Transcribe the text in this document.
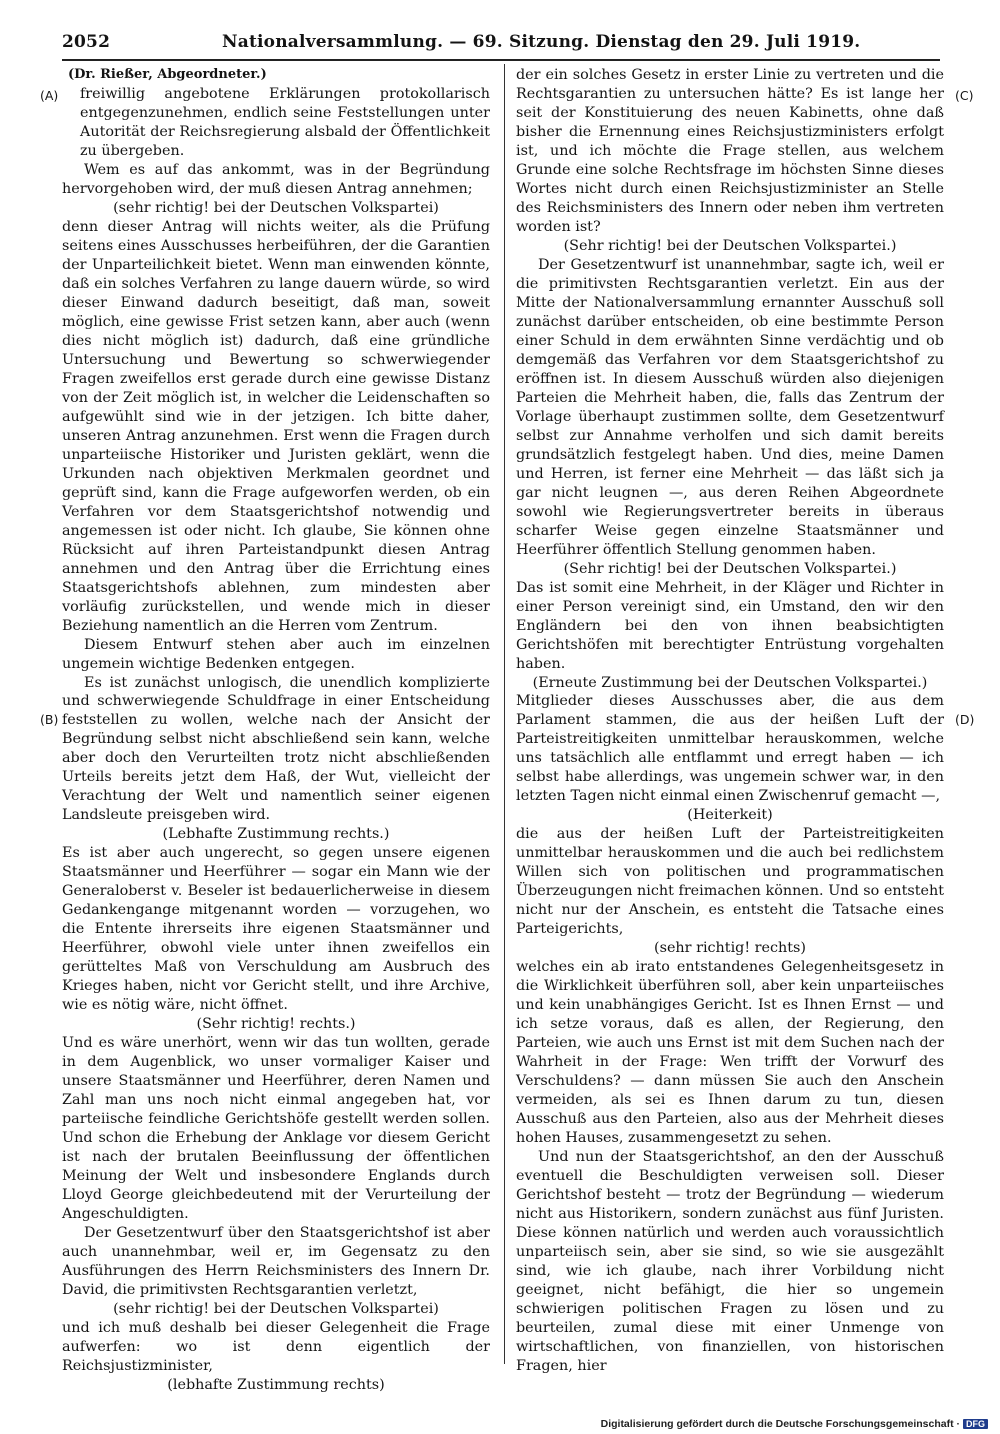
2052	Nationalversammlung. — 69. Sitzung. Dienstag den 29. Juli 1919.
(A)
(B)
(C)
(D)

(Dr. Rießer, Abgeordneter.)

freiwillig angebotene Erklärungen protokollarisch entgegenzunehmen, endlich seine Feststellungen unter Autorität der Reichsregierung alsbald der Öffentlichkeit zu übergeben.

Wem es auf das ankommt, was in der Begründung hervorgehoben wird, der muß diesen Antrag annehmen;

(sehr richtig! bei der Deutschen Volkspartei)

denn dieser Antrag will nichts weiter, als die Prüfung seitens eines Ausschusses herbeiführen, der die Garantien der Unparteilichkeit bietet. Wenn man einwenden könnte, daß ein solches Verfahren zu lange dauern würde, so wird dieser Einwand dadurch beseitigt, daß man, soweit möglich, eine gewisse Frist setzen kann, aber auch (wenn dies nicht möglich ist) dadurch, daß eine gründliche Untersuchung und Bewertung so schwerwiegender Fragen zweifellos erst gerade durch eine gewisse Distanz von der Zeit möglich ist, in welcher die Leidenschaften so aufgewühlt sind wie in der jetzigen. Ich bitte daher, unseren Antrag anzunehmen. Erst wenn die Fragen durch unparteiische Historiker und Juristen geklärt, wenn die Urkunden nach objektiven Merkmalen geordnet und geprüft sind, kann die Frage aufgeworfen werden, ob ein Verfahren vor dem Staatsgerichtshof notwendig und angemessen ist oder nicht. Ich glaube, Sie können ohne Rücksicht auf ihren Parteistandpunkt diesen Antrag annehmen und den Antrag über die Errichtung eines Staatsgerichtshofs ablehnen, zum mindesten aber vorläufig zurückstellen, und wende mich in dieser Beziehung namentlich an die Herren vom Zentrum.

Diesem Entwurf stehen aber auch im einzelnen ungemein wichtige Bedenken entgegen.

Es ist zunächst unlogisch, die unendlich komplizierte und schwerwiegende Schuldfrage in einer Entscheidung feststellen zu wollen, welche nach der Ansicht der Begründung selbst nicht abschließend sein kann, welche aber doch den Verurteilten trotz nicht abschließenden Urteils bereits jetzt dem Haß, der Wut, vielleicht der Verachtung der Welt und namentlich seiner eigenen Landsleute preisgeben wird.

(Lebhafte Zustimmung rechts.)

Es ist aber auch ungerecht, so gegen unsere eigenen Staatsmänner und Heerführer — sogar ein Mann wie der Generaloberst v. Beseler ist bedauerlicherweise in diesem Gedankengange mitgenannt worden — vorzugehen, wo die Entente ihrerseits ihre eigenen Staatsmänner und Heerführer, obwohl viele unter ihnen zweifellos ein gerütteltes Maß von Verschuldung am Ausbruch des Krieges haben, nicht vor Gericht stellt, und ihre Archive, wie es nötig wäre, nicht öffnet.

(Sehr richtig! rechts.)

Und es wäre unerhört, wenn wir das tun wollten, gerade in dem Augenblick, wo unser vormaliger Kaiser und unsere Staatsmänner und Heerführer, deren Namen und Zahl man uns noch nicht einmal angegeben hat, vor parteiische feindliche Gerichtshöfe gestellt werden sollen. Und schon die Erhebung der Anklage vor diesem Gericht ist nach der brutalen Beeinflussung der öffentlichen Meinung der Welt und insbesondere Englands durch Lloyd George gleichbedeutend mit der Verurteilung der Angeschuldigten.

Der Gesetzentwurf über den Staatsgerichtshof ist aber auch unannehmbar, weil er, im Gegensatz zu den Ausführungen des Herrn Reichsministers des Innern Dr. David, die primitivsten Rechtsgarantien verletzt,

(sehr richtig! bei der Deutschen Volkspartei)

und ich muß deshalb bei dieser Gelegenheit die Frage aufwerfen: wo ist denn eigentlich der Reichsjustizminister,

(lebhafte Zustimmung rechts)

der ein solches Gesetz in erster Linie zu vertreten und die Rechtsgarantien zu untersuchen hätte? Es ist lange her seit der Konstituierung des neuen Kabinetts, ohne daß bisher die Ernennung eines Reichsjustizministers erfolgt ist, und ich möchte die Frage stellen, aus welchem Grunde eine solche Rechtsfrage im höchsten Sinne dieses Wortes nicht durch einen Reichsjustizminister an Stelle des Reichsministers des Innern oder neben ihm vertreten worden ist?

(Sehr richtig! bei der Deutschen Volkspartei.)

Der Gesetzentwurf ist unannehmbar, sagte ich, weil er die primitivsten Rechtsgarantien verletzt. Ein aus der Mitte der Nationalversammlung ernannter Ausschuß soll zunächst darüber entscheiden, ob eine bestimmte Person einer Schuld in dem erwähnten Sinne verdächtig und ob demgemäß das Verfahren vor dem Staatsgerichtshof zu eröffnen ist. In diesem Ausschuß würden also diejenigen Parteien die Mehrheit haben, die, falls das Zentrum der Vorlage überhaupt zustimmen sollte, dem Gesetzentwurf selbst zur Annahme verholfen und sich damit bereits grundsätzlich festgelegt haben. Und dies, meine Damen und Herren, ist ferner eine Mehrheit — das läßt sich ja gar nicht leugnen —, aus deren Reihen Abgeordnete sowohl wie Regierungsvertreter bereits in überaus scharfer Weise gegen einzelne Staatsmänner und Heerführer öffentlich Stellung genommen haben.

(Sehr richtig! bei der Deutschen Volkspartei.)

Das ist somit eine Mehrheit, in der Kläger und Richter in einer Person vereinigt sind, ein Umstand, den wir den Engländern bei den von ihnen beabsichtigten Gerichtshöfen mit berechtigter Entrüstung vorgehalten haben.

(Erneute Zustimmung bei der Deutschen Volkspartei.)

Mitglieder dieses Ausschusses aber, die aus dem Parlament stammen, die aus der heißen Luft der Parteistreitigkeiten unmittelbar herauskommen, welche uns tatsächlich alle entflammt und erregt haben — ich selbst habe allerdings, was ungemein schwer war, in den letzten Tagen nicht einmal einen Zwischenruf gemacht —,

(Heiterkeit)

die aus der heißen Luft der Parteistreitigkeiten unmittelbar herauskommen und die auch bei redlichstem Willen sich von politischen und programmatischen Überzeugungen nicht freimachen können. Und so entsteht nicht nur der Anschein, es entsteht die Tatsache eines Parteigerichts,

(sehr richtig! rechts)

welches ein ab irato entstandenes Gelegenheitsgesetz in die Wirklichkeit überführen soll, aber kein unparteiisches und kein unabhängiges Gericht. Ist es Ihnen Ernst — und ich setze voraus, daß es allen, der Regierung, den Parteien, wie auch uns Ernst ist mit dem Suchen nach der Wahrheit in der Frage: Wen trifft der Vorwurf des Verschuldens? — dann müssen Sie auch den Anschein vermeiden, als sei es Ihnen darum zu tun, diesen Ausschuß aus den Parteien, also aus der Mehrheit dieses hohen Hauses, zusammengesetzt zu sehen.

Und nun der Staatsgerichtshof, an den der Ausschuß eventuell die Beschuldigten verweisen soll. Dieser Gerichtshof besteht — trotz der Begründung — wiederum nicht aus Historikern, sondern zunächst aus fünf Juristen. Diese können natürlich und werden auch voraussichtlich unparteiisch sein, aber sie sind, so wie sie ausgezählt sind, wie ich glaube, nach ihrer Vorbildung nicht geeignet, nicht befähigt, die hier so ungemein schwierigen politischen Fragen zu lösen und zu beurteilen, zumal diese mit einer Unmenge von wirtschaftlichen, von finanziellen, von historischen Fragen, hier

Digitalisierung gefördert durch die Deutsche Forschungsgemeinschaft · DFG
